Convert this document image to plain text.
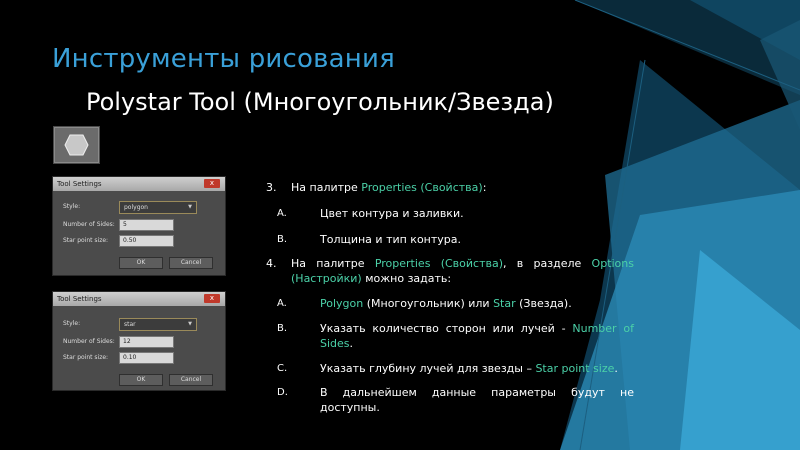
Инструменты рисования
Polystar Tool (Многоугольник/Звезда)
Tool Settings	x
Style:	polygon	▼
Number of Sides:	5
Star point size:	0.50
OK	Cancel
Tool Settings	x
Style:	star	▼
Number of Sides:	12
Star point size:	0.10
OK	Cancel
3. На палитре Properties (Свойства):
A.	Цвет контура и заливки.
B.	Толщина и тип контура.
4. На палитре Properties (Свойства), в разделе Options (Настройки) можно задать:
A.	Polygon (Многоугольник) или Star (Звезда).
B.	Указать количество сторон или лучей - Number of Sides.
C.	Указать глубину лучей для звезды – Star point size.
D.	В дальнейшем данные параметры будут не доступны.
